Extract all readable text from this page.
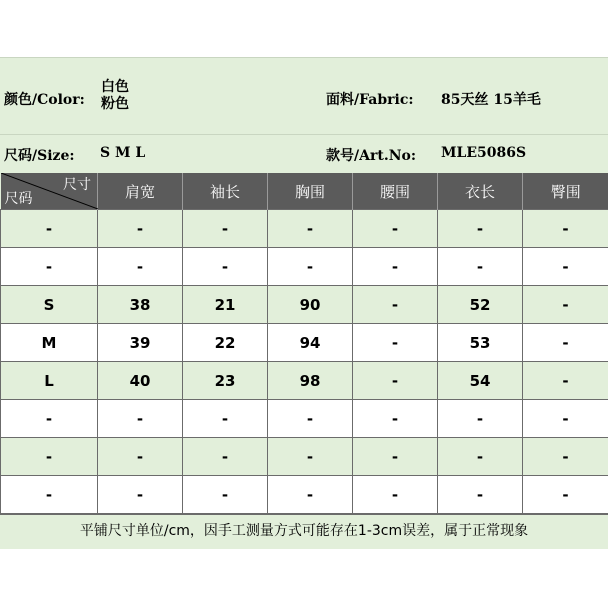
颜色/Color:
白色
粉色	面料/Fabric: 85天丝 15羊毛
尺码/Size: S M L	款号/Art.No: MLE5086S
尺寸
尺码	肩宽	袖长	胸围	腰围	衣长	臀围
-	-	-	-	-	-	-
-	-	-	-	-	-	-
S	38	21	90	-	52	-
M	39	22	94	-	53	-
L	40	23	98	-	54	-
-	-	-	-	-	-	-
-	-	-	-	-	-	-
-	-	-	-	-	-	-
平铺尺寸单位/cm，因手工测量方式可能存在1-3cm误差，属于正常现象
